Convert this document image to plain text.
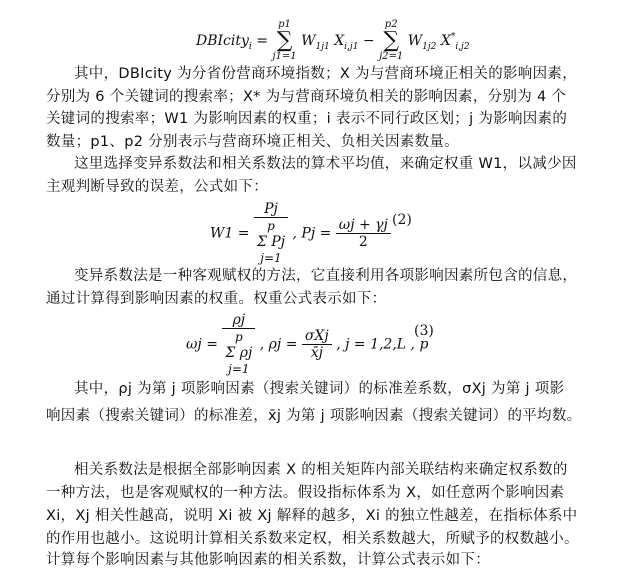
DBIcity$_i$ = p1
∑
j1=1 $W_{1j1}$ $X_{i,j1} - p2$
∑
j2=1 $W_{1j2}$ $X^*_{i,j2}$
其中，DBIcity 为分省份营商环境指数；X 为与营商环境正相关的影响因素，
分别为 6 个关键词的搜索率；X* 为与营商环境负相关的影响因素，分别为 4 个
关键词的搜索率；W1 为影响因素的权重；i 表示不同行政区划；j 为影响因素的
数量；p1、p2 分别表示与营商环境正相关、负相关因素数量。
这里选择变异系数法和相关系数法的算术平均值，来确定权重 W1，以减少因
主观判断导致的误差，公式如下：
W1 =
Pj
p
Σ Pj
j=1
, $Pj = \frac{\omega j + \gamma j}{2} (2)$
变异系数法是一种客观赋权的方法，它直接利用各项影响因素所包含的信息，
通过计算得到影响因素的权重。权重公式表示如下：
ωj =
ρj
p
Σ ρj
j=1
, $\rho j = \frac{\text{σXj}}{x̄j}$ , j = 1,2,L , p
(3)
其中，ρj 为第 j 项影响因素（搜索关键词）的标准差系数，σXj 为第 j 项影
响因素（搜索关键词）的标准差，x̄j 为第 j 项影响因素（搜索关键词）的平均数。
相关系数法是根据全部影响因素 X 的相关矩阵内部关联结构来确定权系数的
一种方法，也是客观赋权的一种方法。假设指标体系为 X，如任意两个影响因素
Xi，Xj 相关性越高，说明 Xi 被 Xj 解释的越多，Xi 的独立性越差，在指标体系中
的作用也越小。这说明计算相关系数来定权，相关系数越大，所赋予的权数越小。
计算每个影响因素与其他影响因素的相关系数，计算公式表示如下：
